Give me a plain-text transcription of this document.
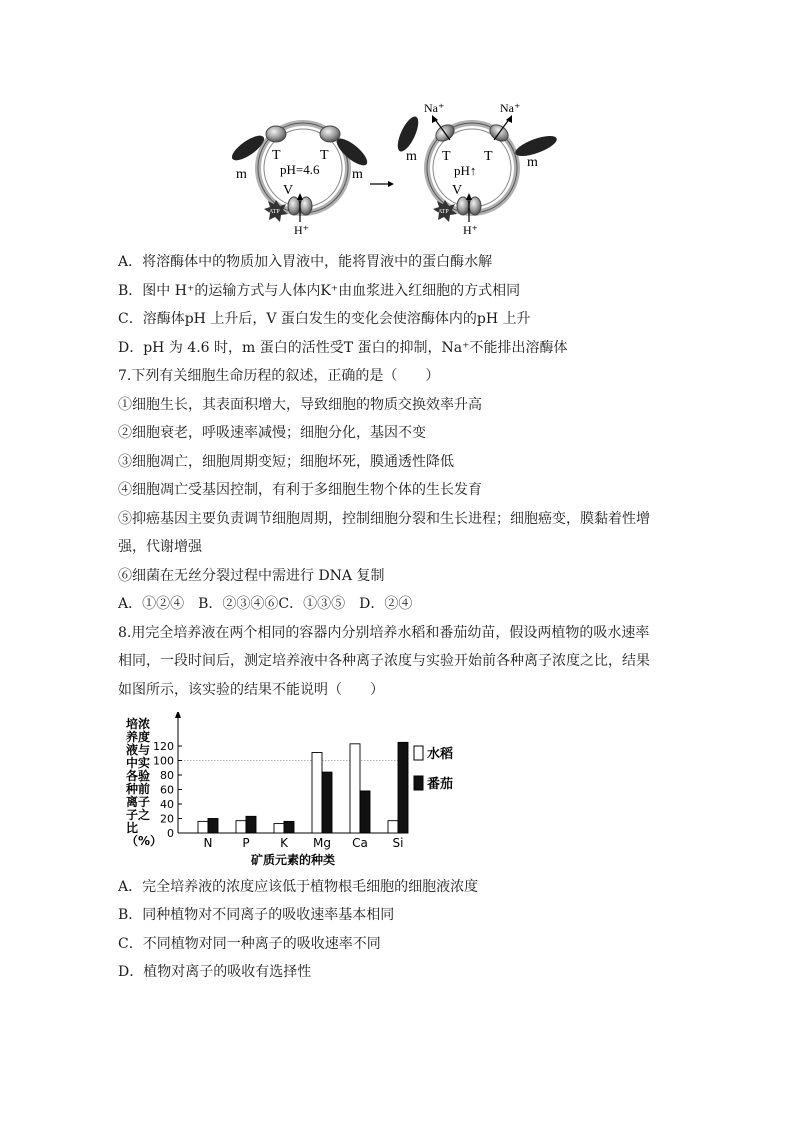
T	T
pH=4.6
m	m
V
ATP
H⁺
Na⁺	Na⁺
m	m
T T
pH↑
V
ATP
H⁺
A．将溶酶体中的物质加入胃液中，能将胃液中的蛋白酶水解
B．图中 H⁺的运输方式与人体内K⁺由血浆进入红细胞的方式相同
C．溶酶体pH 上升后，V 蛋白发生的变化会使溶酶体内的pH 上升
D．pH 为 4.6 时，m 蛋白的活性受T 蛋白的抑制，Na⁺不能排出溶酶体
7.下列有关细胞生命历程的叙述，正确的是（　　）
①细胞生长，其表面积增大，导致细胞的物质交换效率升高
②细胞衰老，呼吸速率减慢；细胞分化，基因不变
③细胞凋亡，细胞周期变短；细胞坏死，膜通透性降低
④细胞凋亡受基因控制，有利于多细胞生物个体的生长发育
⑤抑癌基因主要负责调节细胞周期，控制细胞分裂和生长进程；细胞癌变，膜黏着性增
强，代谢增强
⑥细菌在无丝分裂过程中需进行 DNA 复制
A．①②④　B．②③④⑥C．①③⑤　D．②④
8.用完全培养液在两个相同的容器内分别培养水稻和番茄幼苗，假设两植物的吸水速率
相同，一段时间后，测定培养液中各种离子浓度与实验开始前各种离子浓度之比，结果
如图所示，该实验的结果不能说明（　　）
培浓
养度
液与
中实
各验
种前
离子
子之
比
（%）
0
20
40
60
80
100
120
N P	K Mg Ca Si
矿质元素的种类
水稻
番茄
A．完全培养液的浓度应该低于植物根毛细胞的细胞液浓度
B．同种植物对不同离子的吸收速率基本相同
C．不同植物对同一种离子的吸收速率不同
D．植物对离子的吸收有选择性
